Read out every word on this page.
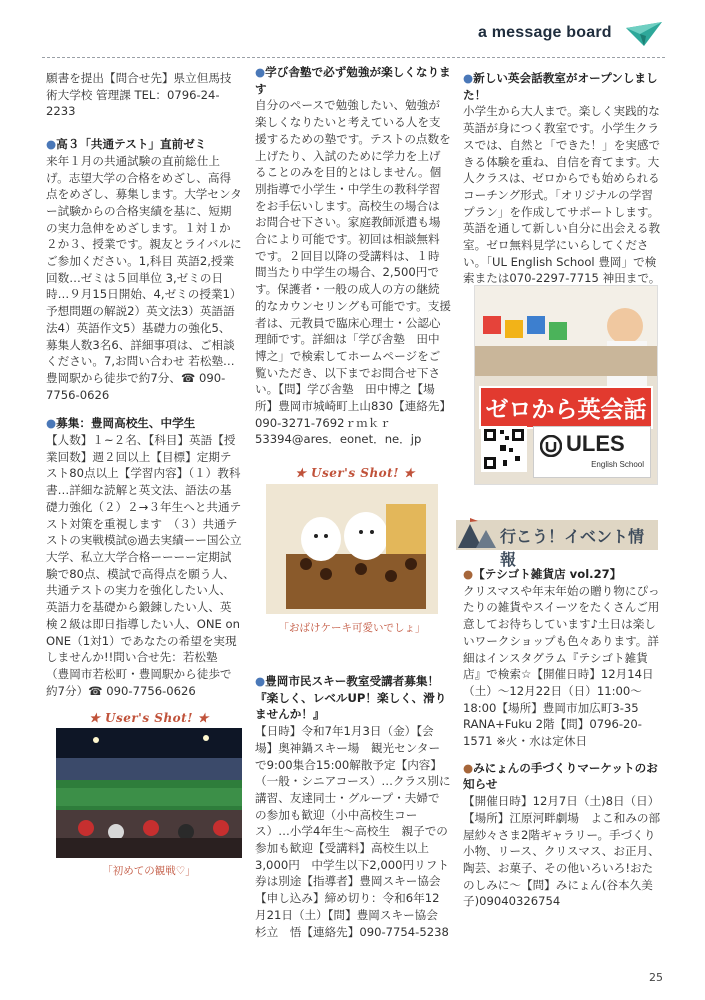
a message board
願書を提出【問合せ先】県立但馬技術大学校 管理課 TEL：0796-24-2233
●高３「共通テスト」直前ゼミ
来年１月の共通試験の直前総仕上げ。志望大学の合格をめざし、高得点をめざし、募集します。大学センター試験からの合格実績を基に、短期の実力急伸をめざします。１対１か２か３、授業です。親友とライバルにご参加ください。1,科目 英語2,授業回数…ゼミは５回単位 3,ゼミの日時…９月15日開始、4,ゼミの授業1）予想問題の解説2）英文法3）英語語法4）英語作文5）基礎力の強化5、募集人数3名6、詳細事項は、ご相談ください。7,お問い合わせ 若松塾…豊岡駅から徒歩で約7分、☎ 090-7756-0626
●募集：豊岡高校生、中学生
【人数】１~２名、【科目】英語【授業回数】週２回以上【目標】定期テスト80点以上【学習内容】（１）教科書…詳細な読解と英文法、語法の基礎力強化（２）２→３年生へと共通テスト対策を重視します　（３）共通テストの実戦模試◎過去実績ーー国公立大学、私立大学合格ーーーー定期試験で80点、模試で高得点を願う人、共通テストの実力を強化したい人、英語力を基礎から鍛錬したい人、英検２級は即日指導したい人、ONE on ONE（1対1）であなたの希望を実現しませんか!!問い合せ先：若松塾　（豊岡市若松町・豊岡駅から徒歩で約7分）☎ 090-7756-0626
★ User's Shot! ★
「初めての観戦♡」
●学び舎塾で必ず勉強が楽しくなります
自分のペースで勉強したい、勉強が楽しくなりたいと考えている人を支援するための塾です。テストの点数を上げたり、入試のために学力を上げることのみを目的とはしません。個別指導で小学生・中学生の教科学習をお手伝いします。高校生の場合はお問合せ下さい。家庭教師派遣も場合により可能です。初回は相談無料です。２回目以降の受講料は、１時間当たり中学生の場合、2,500円です。保護者・一般の成人の方の継続的なカウンセリングも可能です。支援者は、元教員で臨床心理士・公認心理師です。詳細は「学び舎塾　田中博之」で検索してホームページをご覧いただき、以下までお問合せ下さい。【問】学び舎塾　田中博之【場所】豊岡市城崎町上山830【連絡先】090-3271-7692ｒｍｋｒ53394@ares．eonet．ne．jp
★ User's Shot! ★
「おばけケーキ可愛いでしょ」
●豊岡市民スキー教室受講者募集！『楽しく、レベルUP！楽しく、滑りませんか！』
【日時】令和7年1月3日（金）【会場】奥神鍋スキー場　観光センターで9:00集合15:00解散予定【内容】（一般・シニアコース）…クラス別に講習、友達同士・グループ・夫婦での参加も歓迎（小中高校生コース）…小学4年生～高校生　親子での参加も歓迎【受講料】高校生以上3,000円　中学生以下2,000円リフト券は別途【指導者】豊岡スキー協会【申し込み】締め切り：令和6年12月21日（土）【問】豊岡スキー協会　杉立　悟【連絡先】090-7754-5238
●新しい英会話教室がオープンしました！
小学生から大人まで。楽しく実践的な英語が身につく教室です。小学生クラスでは、自然と「できた！」を実感できる体験を重ね、自信を育てます。大人クラスは、ゼロからでも始められるコーチング形式。「オリジナルの学習プラン」を作成してサポートします。英語を通して新しい自分に出会える教室。ゼロ無料見学にいらしてください。「UL English School 豊岡」で検索または070-2297-7715 神田まで。
ゼロから英会話
ULES
English School
行こう！イベント情報
●【テシゴト雑貨店 vol.27】
クリスマスや年末年始の贈り物にぴったりの雑貨やスイーツをたくさんご用意してお待ちしています♪土日は楽しいワークショップも色々あります。詳細はインスタグラム『テシゴト雑貨店』で検索☆【開催日時】12月14日（土）～12月22日（日）11:00～18:00【場所】豊岡市加広町3-35　RANA+Fuku 2階【問】0796-20-1571 ※火・水は定休日
●みにょんの手づくりマーケットのお知らせ
【開催日時】12月7日（土)8日（日）【場所】江原河畔劇場　よこ和みの部屋紗々さま2階ギャラリー。手づくり小物、リース、クリスマス、お正月、陶芸、お菓子、その他いろいろ!おたのしみに～【問】みにょん(谷本久美子)09040326754
25
